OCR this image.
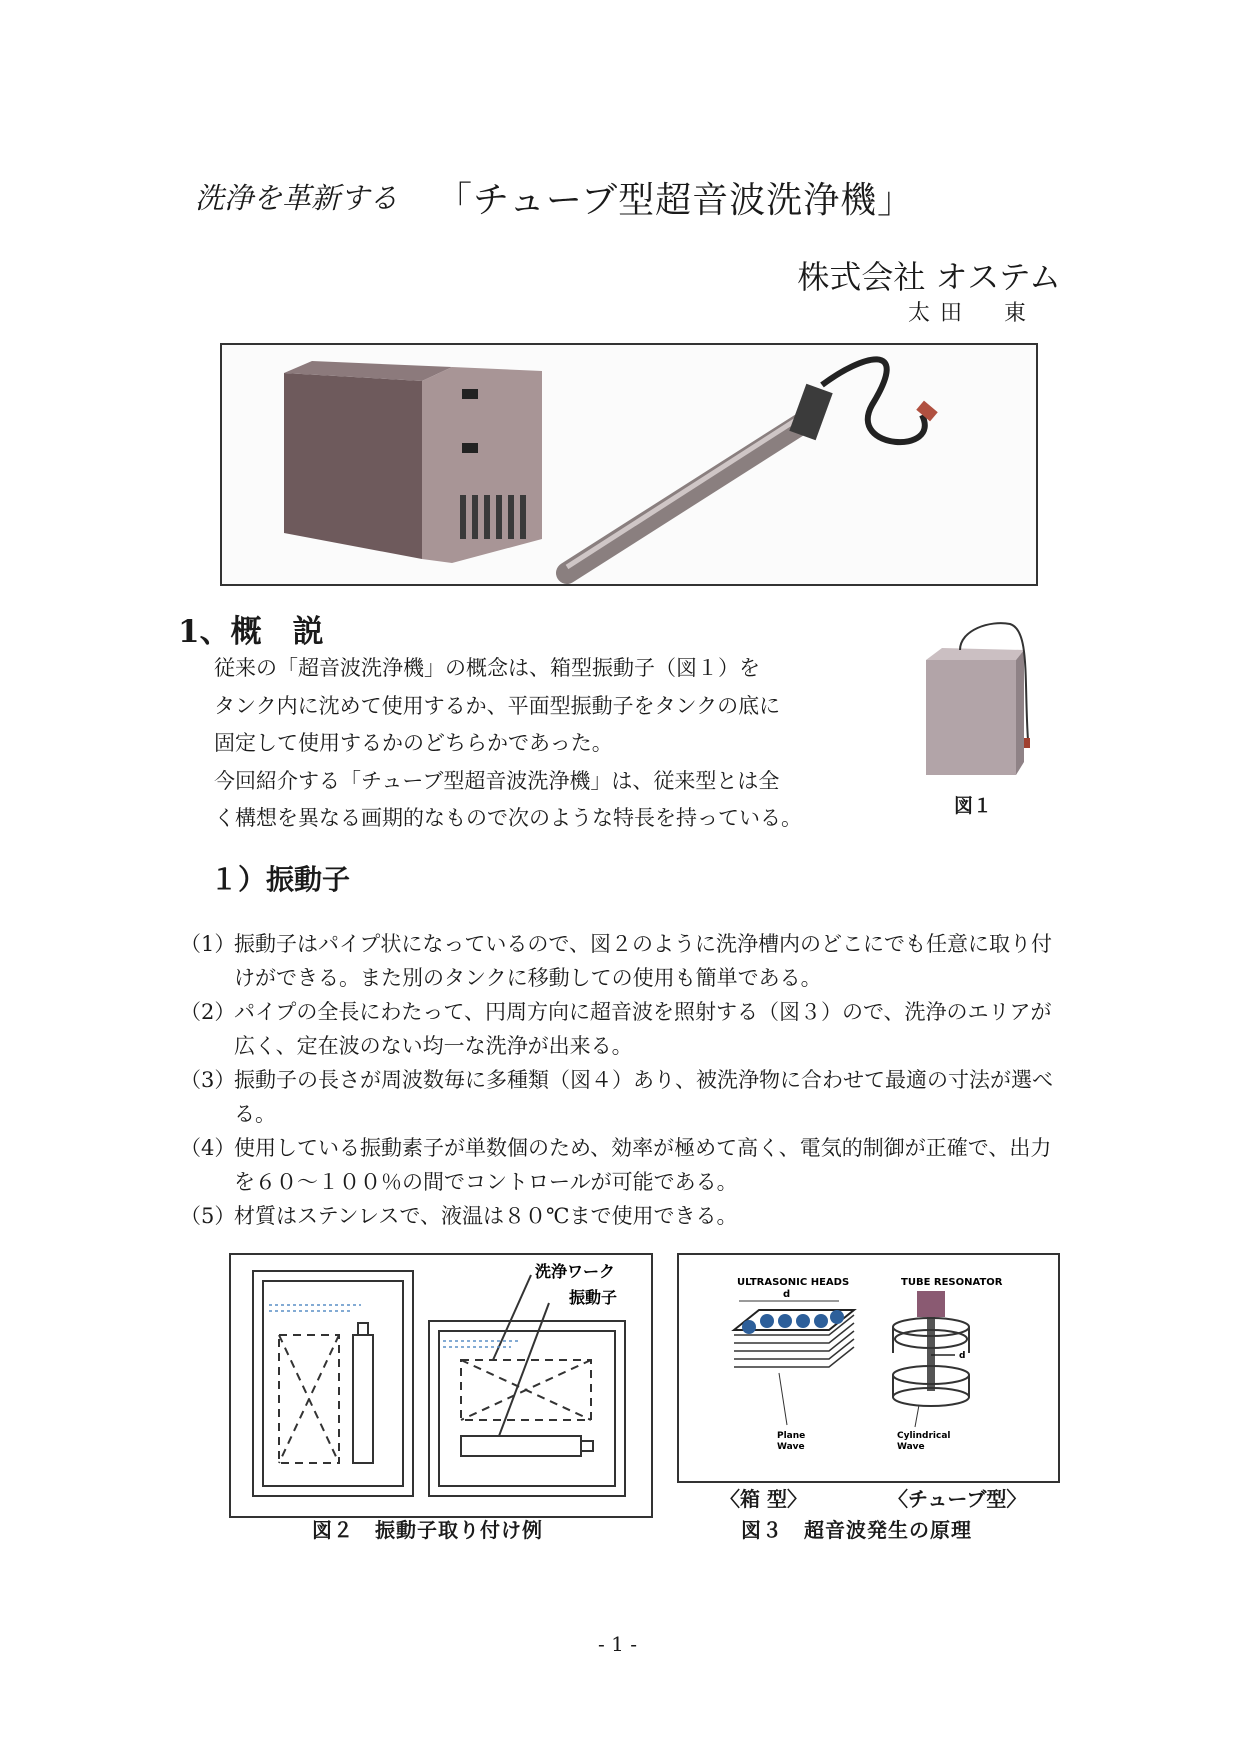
洗浄を革新する 「チューブ型超音波洗浄機」
株式会社 オステム
太田　東
1、概　説
従来の「超音波洗浄機」の概念は、箱型振動子（図１）を
タンク内に沈めて使用するか、平面型振動子をタンクの底に
固定して使用するかのどちらかであった。
今回紹介する「チューブ型超音波洗浄機」は、従来型とは全
く構想を異なる画期的なもので次のような特長を持っている。	図１
１）振動子
（1）
振動子はパイプ状になっているので、図２のように洗浄槽内のどこにでも任意に取り付けができる。また別のタンクに移動しての使用も簡単である。
（2）
パイプの全長にわたって、円周方向に超音波を照射する（図３）ので、洗浄のエリアが広く、定在波のない均一な洗浄が出来る。
（3）
振動子の長さが周波数毎に多種類（図４）あり、被洗浄物に合わせて最適の寸法が選べる。
（4）
使用している振動素子が単数個のため、効率が極めて高く、電気的制御が正確で、出力を６０～１００％の間でコントロールが可能である。
（5）
材質はステンレスで、液温は８０℃まで使用できる。
洗浄ワーク
振動子
図２　振動子取り付け例
ULTRASONIC HEADS	TUBE RESONATOR
d
Plane
Wave
d
Cylindrical
Wave
〈箱 型〉	〈チューブ型〉
図３　超音波発生の原理
- 1 -
